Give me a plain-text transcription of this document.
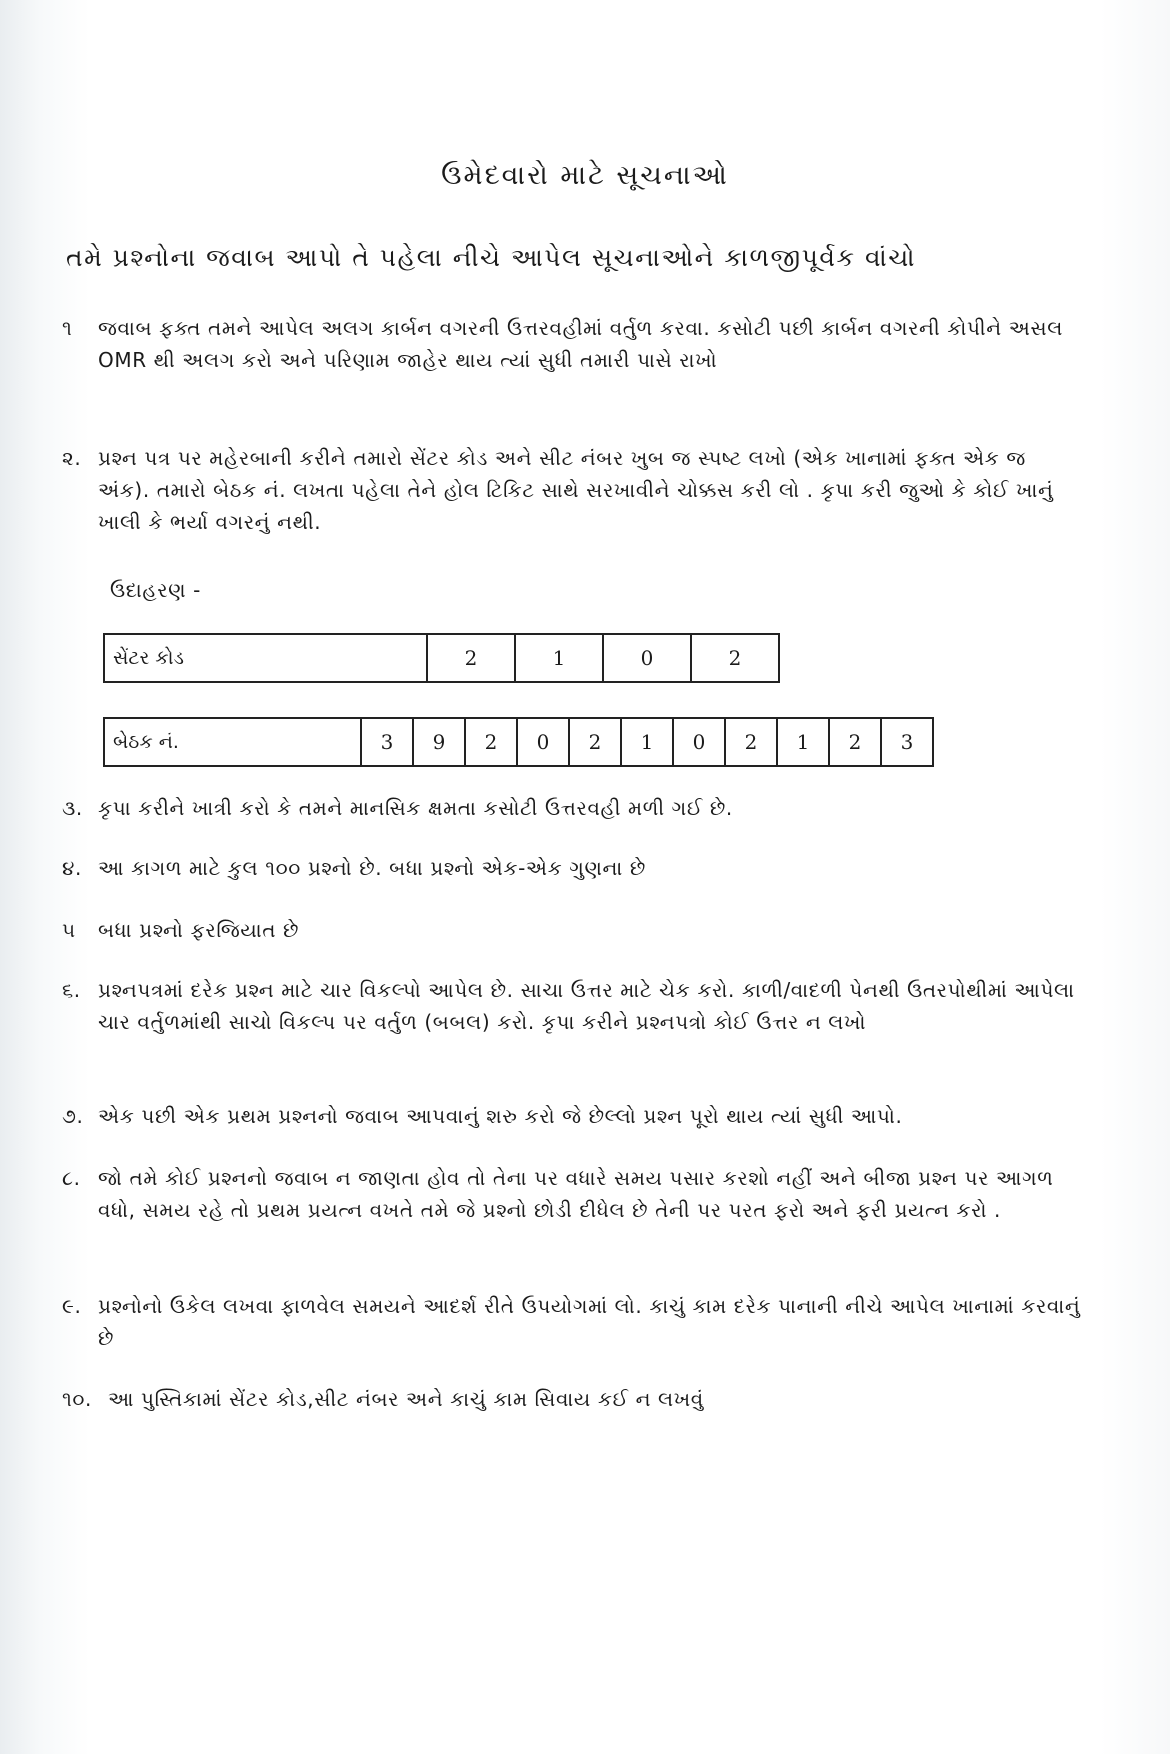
ઉમેદવારો માટે સૂચનાઓ
તમે પ્રશ્નોના જવાબ આપો તે પહેલા નીચે આપેલ સૂચનાઓને કાળજીપૂર્વક વાંચો
૧ જવાબ ફક્ત તમને આપેલ અલગ કાર્બન વગરની ઉત્તરવહીમાં વર્તુળ કરવા. કસોટી પછી કાર્બન વગરની કોપીને અસલ OMR થી અલગ કરો અને પરિણામ જાહેર થાય ત્યાં સુધી તમારી પાસે રાખો
૨. પ્રશ્ન પત્ર પર મહેરબાની કરીને તમારો સેંટર કોડ અને સીટ નંબર ખુબ જ સ્પષ્ટ લખો (એક ખાનામાં ફક્ત એક જ અંક). તમારો બેઠક નં. લખતા પહેલા તેને હોલ ટિકિટ સાથે સરખાવીને ચોક્કસ કરી લો . કૃપા કરી જુઓ કે કોઈ ખાનું ખાલી કે ભર્યા વગરનું નથી.
ઉદાહરણ -
સેંટર કોડ	2	1	0	2
બેઠક નં.	3	9	2	0	2	1	0	2	1	2	3
૩. કૃપા કરીને ખાત્રી કરો કે તમને માનસિક ક્ષમતા કસોટી ઉત્તરવહી મળી ગઈ છે.
૪. આ કાગળ માટે કુલ ૧૦૦ પ્રશ્નો છે. બધા પ્રશ્નો એક-એક ગુણના છે
૫ બધા પ્રશ્નો ફરજિયાત છે
૬. પ્રશ્નપત્રમાં દરેક પ્રશ્ન માટે ચાર વિકલ્પો આપેલ છે. સાચા ઉત્તર માટે ચેક કરો. કાળી/વાદળી પેનથી ઉતરપોથીમાં આપેલા ચાર વર્તુળમાંથી સાચો વિકલ્પ પર વર્તુળ (બબલ) કરો. કૃપા કરીને પ્રશ્નપત્રો કોઈ ઉત્તર ન લખો
૭. એક પછી એક પ્રથમ પ્રશ્નનો જવાબ આપવાનું શરુ કરો જે છેલ્લો પ્રશ્ન પૂરો થાય ત્યાં સુધી આપો.
૮. જો તમે કોઈ પ્રશ્નનો જવાબ ન જાણતા હોવ તો તેના પર વધારે સમય પસાર કરશો નહીં અને બીજા પ્રશ્ન પર આગળ વધો, સમય રહે તો પ્રથમ પ્રયત્ન વખતે તમે જે પ્રશ્નો છોડી દીધેલ છે તેની પર પરત ફરો અને ફરી પ્રયત્ન કરો .
૯. પ્રશ્નોનો ઉકેલ લખવા ફાળવેલ સમયને આદર્શ રીતે ઉપયોગમાં લો. કાચું કામ દરેક પાનાની નીચે આપેલ ખાનામાં કરવાનું છે
૧૦. આ પુસ્તિકામાં સેંટર કોડ,સીટ નંબર અને કાચું કામ સિવાય કઈ ન લખવું
